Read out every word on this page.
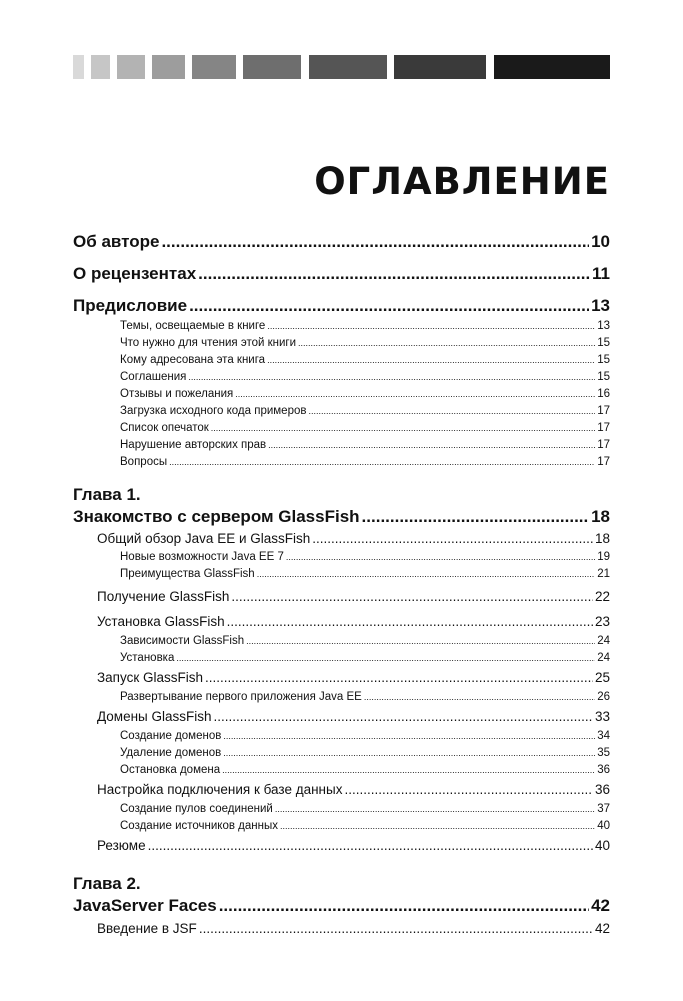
ОГЛАВЛЕНИЕ
Об авторе .....	10
О рецензентах .....	11
Предисловие .....	13
Темы, освещаемые в книге .....	13
Что нужно для чтения этой книги .....	15
Кому адресована эта книга .....	15
Соглашения .....	15
Отзывы и пожелания .....	16
Загрузка исходного кода примеров .....	17
Список опечаток .....	17
Нарушение авторских прав .....	17
Вопросы .....	17
Глава 1.
Знакомство с сервером GlassFish .....	18
Общий обзор Java EE и GlassFish .....	18
Новые возможности Java EE 7 .....	19
Преимущества GlassFish .....	21
Получение GlassFish .....	22
Установка GlassFish .....	23
Зависимости GlassFish .....	24
Установка .....	24
Запуск GlassFish .....	25
Развертывание первого приложения Java EE .....	26
Домены GlassFish .....	33
Создание доменов .....	34
Удаление доменов .....	35
Остановка домена .....	36
Настройка подключения к базе данных .....	36
Создание пулов соединений .....	37
Создание источников данных .....	40
Резюме .....	40
Глава 2.
JavaServer Faces .....	42
Введение в JSF .....	42
